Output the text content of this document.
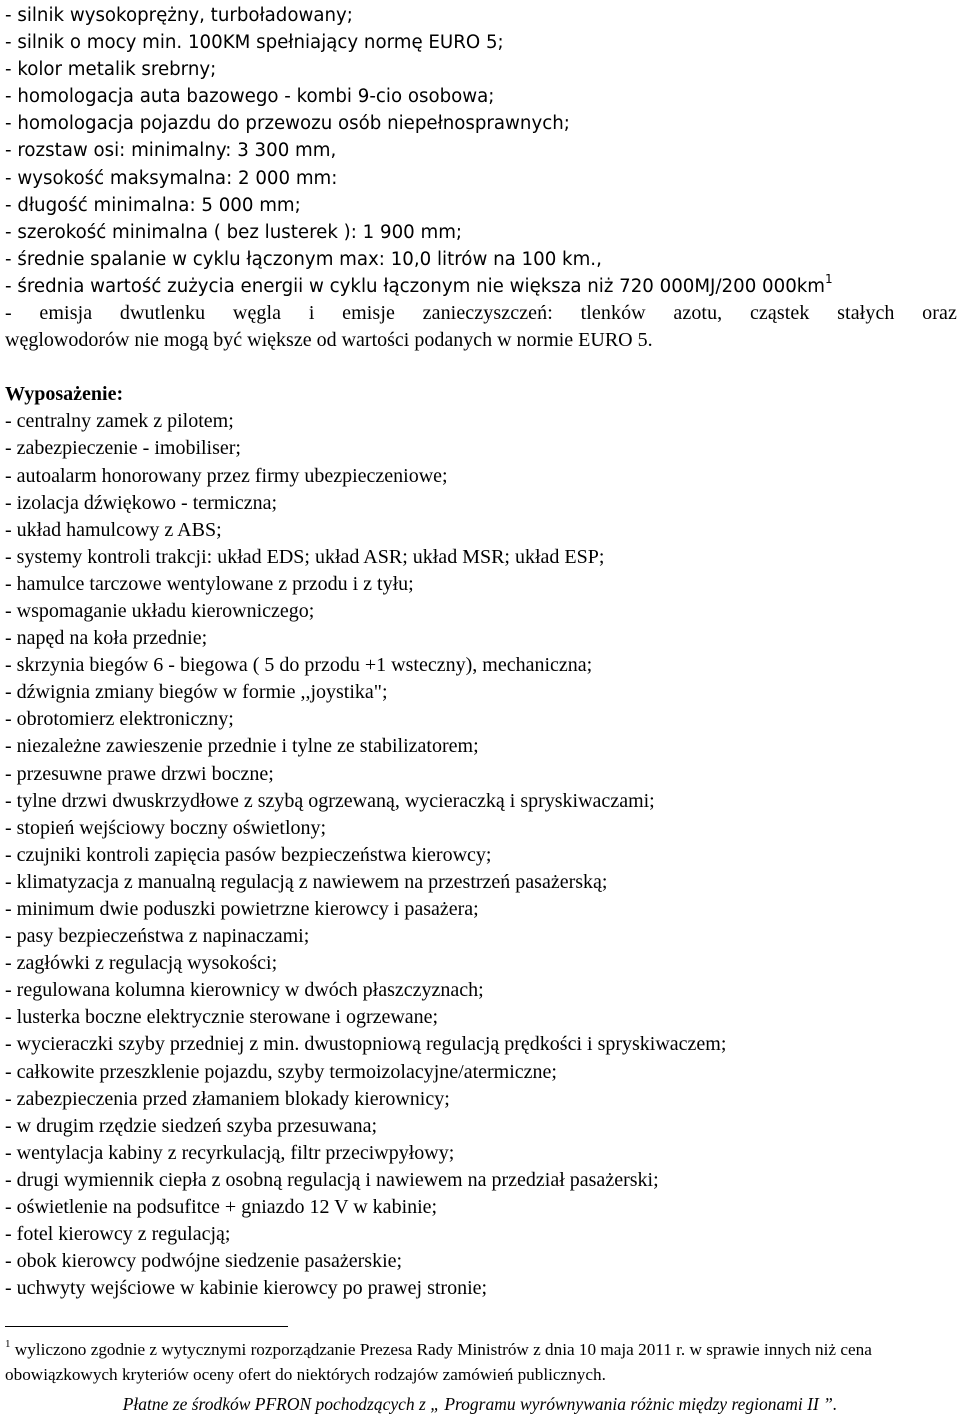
- silnik wysokoprężny, turboładowany;
- silnik o mocy min. 100KM spełniający normę EURO 5;
- kolor metalik srebrny;
- homologacja auta bazowego - kombi 9-cio osobowa;
- homologacja pojazdu do przewozu osób niepełnosprawnych;
- rozstaw osi: minimalny: 3 300 mm,
- wysokość maksymalna: 2 000 mm:
- długość minimalna: 5 000 mm;
- szerokość minimalna ( bez lusterek ): 1 900 mm;
- średnie spalanie w cyklu łączonym max: 10,0 litrów na 100 km.,
- średnia wartość zużycia energii w cyklu łączonym nie większa niż 720 000MJ/200 $000km^1$
- emisja dwutlenku węgla i emisje zanieczyszczeń: tlenków azotu, cząstek stałych oraz
węglowodorów nie mogą być większe od wartości podanych w normie EURO 5.
Wyposażenie:
- centralny zamek z pilotem;
- zabezpieczenie - imobiliser;
- autoalarm honorowany przez firmy ubezpieczeniowe;
- izolacja dźwiękowo - termiczna;
- układ hamulcowy z ABS;
- systemy kontroli trakcji: układ EDS; układ ASR; układ MSR; układ ESP;
- hamulce tarczowe wentylowane z przodu i z tyłu;
- wspomaganie układu kierowniczego;
- napęd na koła przednie;
- skrzynia biegów 6 - biegowa ( 5 do przodu +1 wsteczny), mechaniczna;
- dźwignia zmiany biegów w formie ,,joystika";
- obrotomierz elektroniczny;
- niezależne zawieszenie przednie i tylne ze stabilizatorem;
- przesuwne prawe drzwi boczne;
- tylne drzwi dwuskrzydłowe z szybą ogrzewaną, wycieraczką i spryskiwaczami;
- stopień wejściowy boczny oświetlony;
- czujniki kontroli zapięcia pasów bezpieczeństwa kierowcy;
- klimatyzacja z manualną regulacją z nawiewem na przestrzeń pasażerską;
- minimum dwie poduszki powietrzne kierowcy i pasażera;
- pasy bezpieczeństwa z napinaczami;
- zagłówki z regulacją wysokości;
- regulowana kolumna kierownicy w dwóch płaszczyznach;
- lusterka boczne elektrycznie sterowane i ogrzewane;
- wycieraczki szyby przedniej z min. dwustopniową regulacją prędkości i spryskiwaczem;
- całkowite przeszklenie pojazdu, szyby termoizolacyjne/atermiczne;
- zabezpieczenia przed złamaniem blokady kierownicy;
- w drugim rzędzie siedzeń szyba przesuwana;
- wentylacja kabiny z recyrkulacją, filtr przeciwpyłowy;
- drugi wymiennik ciepła z osobną regulacją i nawiewem na przedział pasażerski;
- oświetlenie na podsufitce + gniazdo 12 V w kabinie;
- fotel kierowcy z regulacją;
- obok kierowcy podwójne siedzenie pasażerskie;
- uchwyty wejściowe w kabinie kierowcy po prawej stronie;
$^1$ wyliczono zgodnie z wytycznymi rozporządzanie Prezesa Rady Ministrów z dnia 10 maja 2011 r. w sprawie innych niż cena obowiązkowych kryteriów oceny ofert do niektórych rodzajów zamówień publicznych.
Płatne ze środków PFRON pochodzących z „ Programu wyrównywania różnic między regionami II ”.
